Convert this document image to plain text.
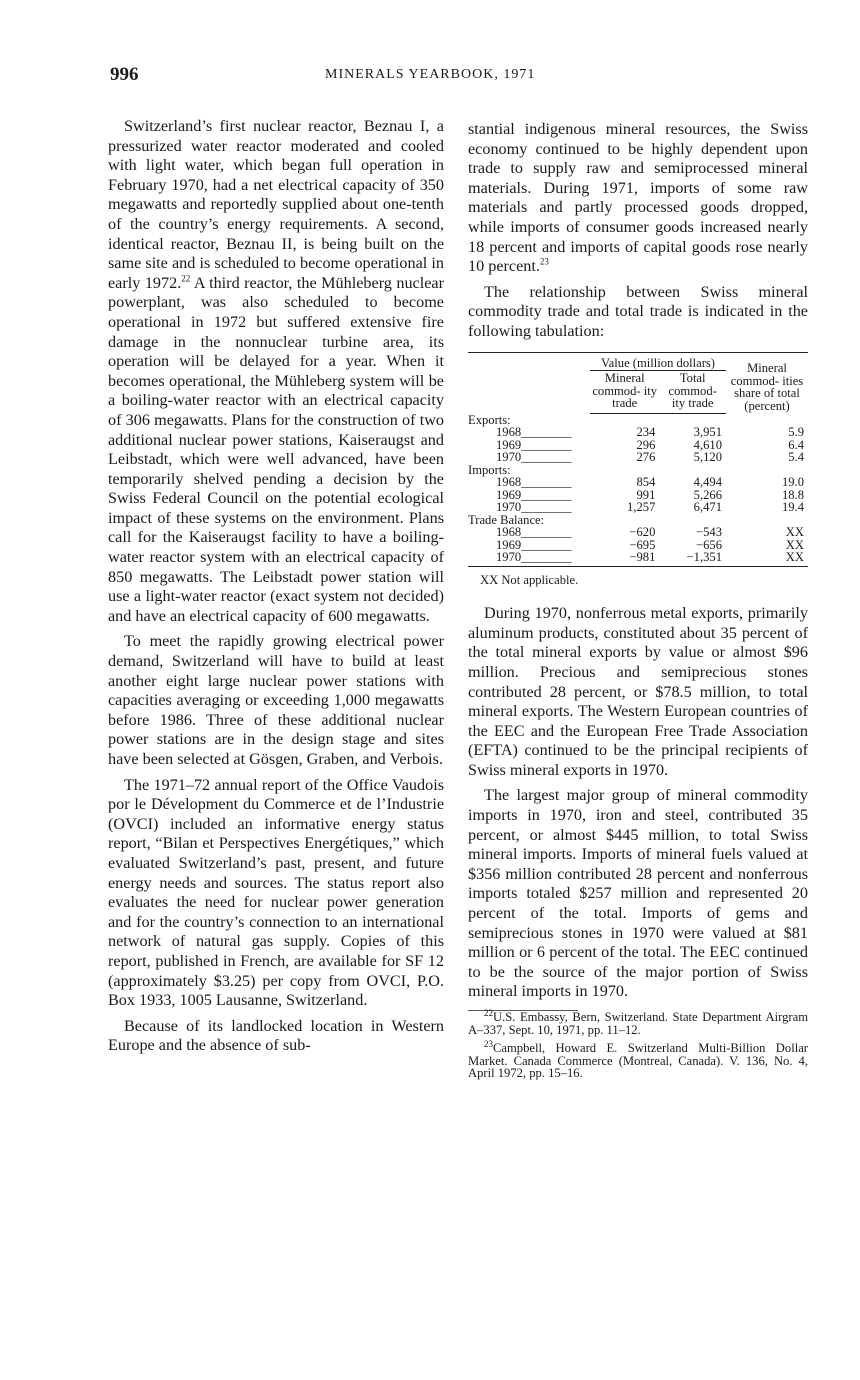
996	MINERALS YEARBOOK, 1971

Switzerland’s first nuclear reactor, Beznau I, a pressurized water reactor moderated and cooled with light water, which began full operation in February 1970, had a net electrical capacity of 350 megawatts and reportedly supplied about one-tenth of the country’s energy requirements. A second, identical reactor, Beznau II, is being built on the same site and is scheduled to become operational in early 1972.22 A third reactor, the Mühleberg nuclear powerplant, was also scheduled to become operational in 1972 but suffered extensive fire damage in the nonnuclear turbine area, its operation will be delayed for a year. When it becomes operational, the Mühleberg system will be a boiling-water reactor with an electrical capacity of 306 megawatts. Plans for the construction of two additional nuclear power stations, Kaiseraugst and Leibstadt, which were well advanced, have been temporarily shelved pending a decision by the Swiss Federal Council on the potential ecological impact of these systems on the environment. Plans call for the Kaiseraugst facility to have a boiling-water reactor system with an electrical capacity of 850 megawatts. The Leibstadt power station will use a light-water reactor (exact system not decided) and have an electrical capacity of 600 megawatts.

To meet the rapidly growing electrical power demand, Switzerland will have to build at least another eight large nuclear power stations with capacities averaging or exceeding 1,000 megawatts before 1986. Three of these additional nuclear power stations are in the design stage and sites have been selected at Gösgen, Graben, and Verbois.

The 1971–72 annual report of the Office Vaudois por le Dévelopment du Commerce et de l’Industrie (OVCI) included an informative energy status report, “Bilan et Perspectives Energétiques,” which evaluated Switzerland’s past, present, and future energy needs and sources. The status report also evaluates the need for nuclear power generation and for the country’s connection to an international network of natural gas supply. Copies of this report, published in French, are available for SF 12 (approximately $3.25) per copy from OVCI, P.O. Box 1933, 1005 Lausanne, Switzerland.

Because of its landlocked location in Western Europe and the absence of sub-

stantial indigenous mineral resources, the Swiss economy continued to be highly dependent upon trade to supply raw and semiprocessed mineral materials. During 1971, imports of some raw materials and partly processed goods dropped, while imports of consumer goods increased nearly 18 percent and imports of capital goods rose nearly 10 percent.$^{23}$

The relationship between Swiss mineral commodity trade and total trade is indicated in the following tabulation:

	Value (million dollars)		Mineral commod- ities share of total (percent)
	Mineral commod- ity trade	Total commod- ity trade	
Exports:			
1968________	234	3,951	5.9
1969________	296	4,610	6.4
1970________	276	5,120	5.4
Imports:			
1968________	854	4,494	19.0
1969________	991	5,266	18.8
1970________	1,257	6,471	19.4
Trade Balance:			
1968________	−620	−543	XX
1969________	−695	−656	XX
1970________	−981	−1,351	XX
XX Not applicable.

During 1970, nonferrous metal exports, primarily aluminum products, constituted about 35 percent of the total mineral exports by value or almost $96 million. Precious and semiprecious stones contributed 28 percent, or $78.5 million, to total mineral exports. The Western European countries of the EEC and the European Free Trade Association (EFTA) continued to be the principal recipients of Swiss mineral exports in 1970.

The largest major group of mineral commodity imports in 1970, iron and steel, contributed 35 percent, or almost $445 million, to total Swiss mineral imports. Imports of mineral fuels valued at $356 million contributed 28 percent and nonferrous imports totaled $257 million and represented 20 percent of the total. Imports of gems and semiprecious stones in 1970 were valued at $81 million or 6 percent of the total. The EEC continued to be the source of the major portion of Swiss mineral imports in 1970.

$^{22}$U.S. Embassy, Bern, Switzerland. State Department Airgram A–337, Sept. 10, 1971, pp. 11–12.

$^{23}$Campbell, Howard E. Switzerland Multi-Billion Dollar Market. Canada Commerce (Montreal, Canada). V. 136, No. 4, April 1972, pp. 15–16.
